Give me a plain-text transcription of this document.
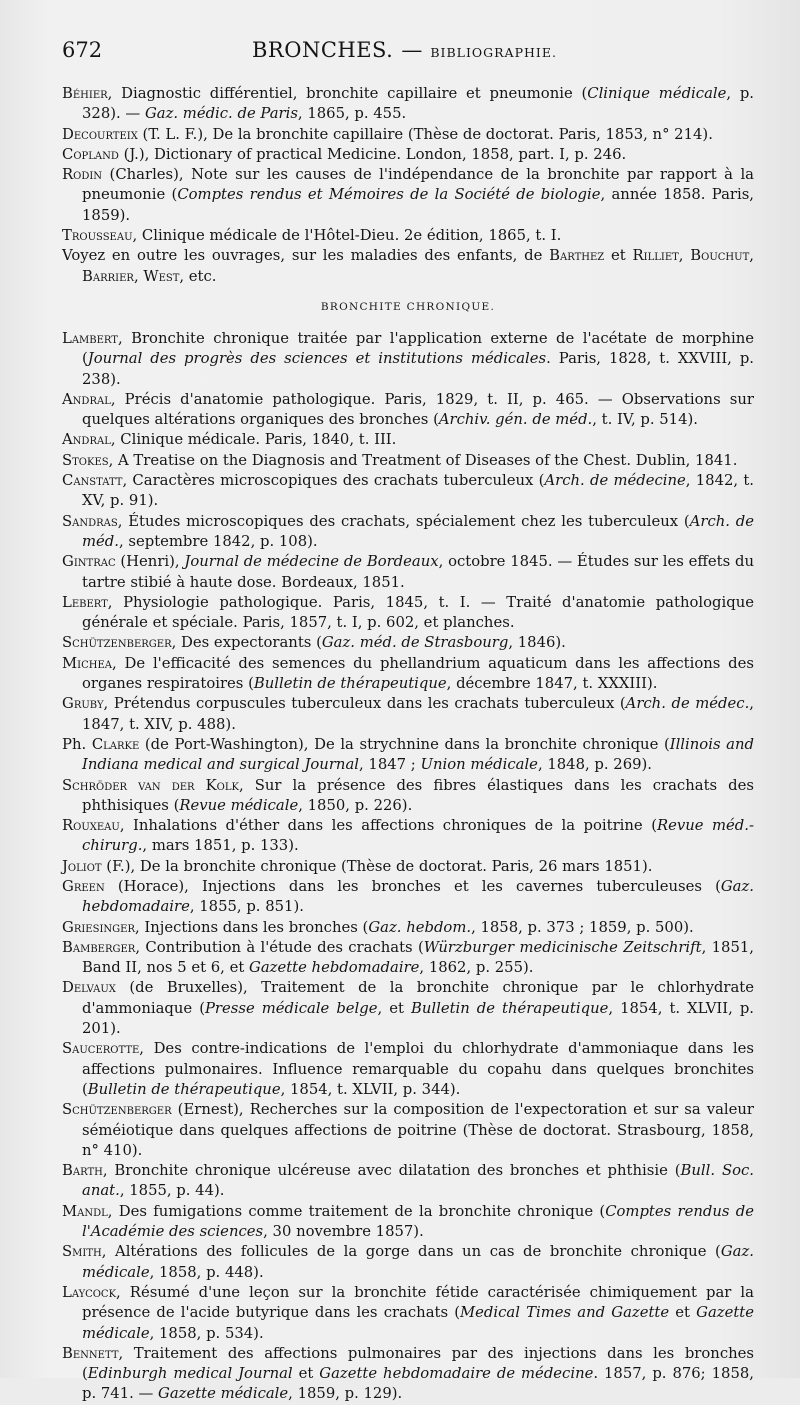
672	BRONCHES. — BIBLIOGRAPHIE.

Béhier, Diagnostic différentiel, bronchite capillaire et pneumonie (Clinique médicale, p. 328). — Gaz. médic. de Paris, 1865, p. 455.

Decourteix (T. L. F.), De la bronchite capillaire (Thèse de doctorat. Paris, 1853, n° 214).

Copland (J.), Dictionary of practical Medicine. London, 1858, part. I, p. 246.

Rodin (Charles), Note sur les causes de l'indépendance de la bronchite par rapport à la pneumonie (Comptes rendus et Mémoires de la Société de biologie, année 1858. Paris, 1859).

Trousseau, Clinique médicale de l'Hôtel-Dieu. 2e édition, 1865, t. I.

Voyez en outre les ouvrages, sur les maladies des enfants, de Barthez et Rilliet, Bouchut, Barrier, West, etc.

BRONCHITE CHRONIQUE.

Lambert, Bronchite chronique traitée par l'application externe de l'acétate de morphine (Journal des progrès des sciences et institutions médicales. Paris, 1828, t. XXVIII, p. 238).

Andral, Précis d'anatomie pathologique. Paris, 1829, t. II, p. 465. — Observations sur quelques altérations organiques des bronches (Archiv. gén. de méd., t. IV, p. 514).

Andral, Clinique médicale. Paris, 1840, t. III.

Stokes, A Treatise on the Diagnosis and Treatment of Diseases of the Chest. Dublin, 1841.

Canstatt, Caractères microscopiques des crachats tuberculeux (Arch. de médecine, 1842, t. XV, p. 91).

Sandras, Études microscopiques des crachats, spécialement chez les tuberculeux (Arch. de méd., septembre 1842, p. 108).

Gintrac (Henri), Journal de médecine de Bordeaux, octobre 1845. — Études sur les effets du tartre stibié à haute dose. Bordeaux, 1851.

Lebert, Physiologie pathologique. Paris, 1845, t. I. — Traité d'anatomie pathologique générale et spéciale. Paris, 1857, t. I, p. 602, et planches.

Schützenberger, Des expectorants (Gaz. méd. de Strasbourg, 1846).

Michea, De l'efficacité des semences du phellandrium aquaticum dans les affections des organes respiratoires (Bulletin de thérapeutique, décembre 1847, t. XXXIII).

Gruby, Prétendus corpuscules tuberculeux dans les crachats tuberculeux (Arch. de médec., 1847, t. XIV, p. 488).

Ph. Clarke (de Port-Washington), De la strychnine dans la bronchite chronique (Illinois and Indiana medical and surgical Journal, 1847 ; Union médicale, 1848, p. 269).

Schröder van der Kolk, Sur la présence des fibres élastiques dans les crachats des phthisiques (Revue médicale, 1850, p. 226).

Rouxeau, Inhalations d'éther dans les affections chroniques de la poitrine (Revue méd.-chirurg., mars 1851, p. 133).

Joliot (F.), De la bronchite chronique (Thèse de doctorat. Paris, 26 mars 1851).

Green (Horace), Injections dans les bronches et les cavernes tuberculeuses (Gaz. hebdomadaire, 1855, p. 851).

Griesinger, Injections dans les bronches (Gaz. hebdom., 1858, p. 373 ; 1859, p. 500).

Bamberger, Contribution à l'étude des crachats (Würzburger medicinische Zeitschrift, 1851, Band II, nos 5 et 6, et Gazette hebdomadaire, 1862, p. 255).

Delvaux (de Bruxelles), Traitement de la bronchite chronique par le chlorhydrate d'ammoniaque (Presse médicale belge, et Bulletin de thérapeutique, 1854, t. XLVII, p. 201).

Saucerotte, Des contre-indications de l'emploi du chlorhydrate d'ammoniaque dans les affections pulmonaires. Influence remarquable du copahu dans quelques bronchites (Bulletin de thérapeutique, 1854, t. XLVII, p. 344).

Schützenberger (Ernest), Recherches sur la composition de l'expectoration et sur sa valeur séméiotique dans quelques affections de poitrine (Thèse de doctorat. Strasbourg, 1858, n° 410).

Barth, Bronchite chronique ulcéreuse avec dilatation des bronches et phthisie (Bull. Soc. anat., 1855, p. 44).

Mandl, Des fumigations comme traitement de la bronchite chronique (Comptes rendus de l'Académie des sciences, 30 novembre 1857).

Smith, Altérations des follicules de la gorge dans un cas de bronchite chronique (Gaz. médicale, 1858, p. 448).

Laycock, Résumé d'une leçon sur la bronchite fétide caractérisée chimiquement par la présence de l'acide butyrique dans les crachats (Medical Times and Gazette et Gazette médicale, 1858, p. 534).

Bennett, Traitement des affections pulmonaires par des injections dans les bronches (Edinburgh medical Journal et Gazette hebdomadaire de médecine. 1857, p. 876; 1858, p. 741. — Gazette médicale, 1859, p. 129).
